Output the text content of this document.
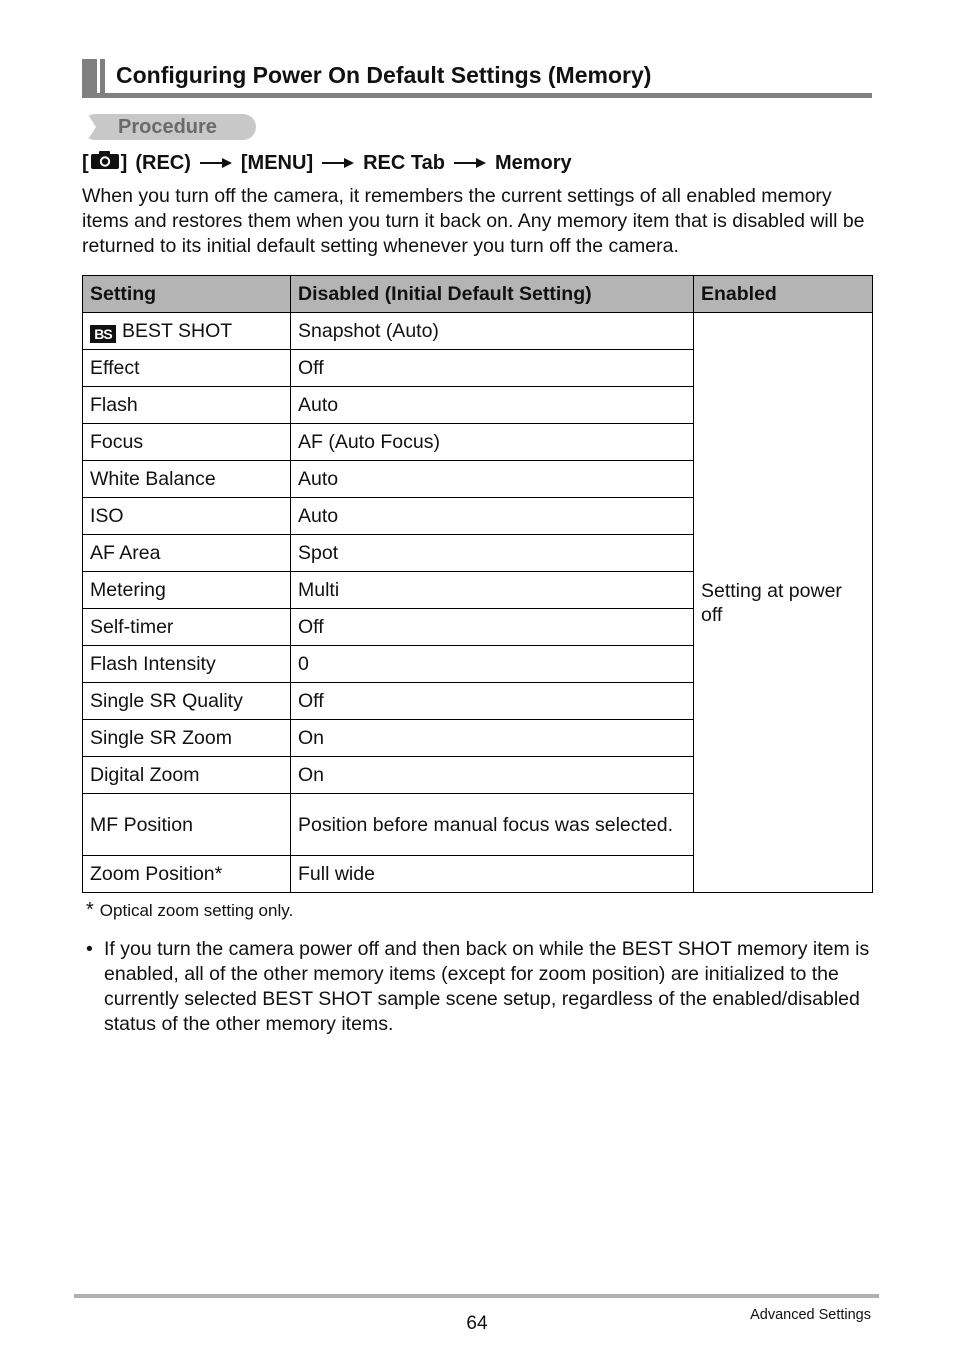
Configuring Power On Default Settings (Memory)
Procedure
[ ] (REC)	[MENU]	REC Tab	Memory
When you turn off the camera, it remembers the current settings of all enabled memory items and restores them when you turn it back on. Any memory item that is disabled will be returned to its initial default setting whenever you turn off the camera.
Setting	Disabled (Initial Default Setting)	Enabled
BS BEST SHOT	Snapshot (Auto)	Setting at power off
Effect	Off	
Flash	Auto	
Focus	AF (Auto Focus)	
White Balance	Auto	
ISO	Auto	
AF Area	Spot	
Metering	Multi	
Self-timer	Off	
Flash Intensity	0	
Single SR Quality	Off	
Single SR Zoom	On	
Digital Zoom	On	
MF Position	Position before manual focus was selected.	
Zoom Position*	Full wide	
* Optical zoom setting only.
• If you turn the camera power off and then back on while the BEST SHOT memory item is enabled, all of the other memory items (except for zoom position) are initialized to the currently selected BEST SHOT sample scene setup, regardless of the enabled/disabled status of the other memory items.
64	Advanced Settings
